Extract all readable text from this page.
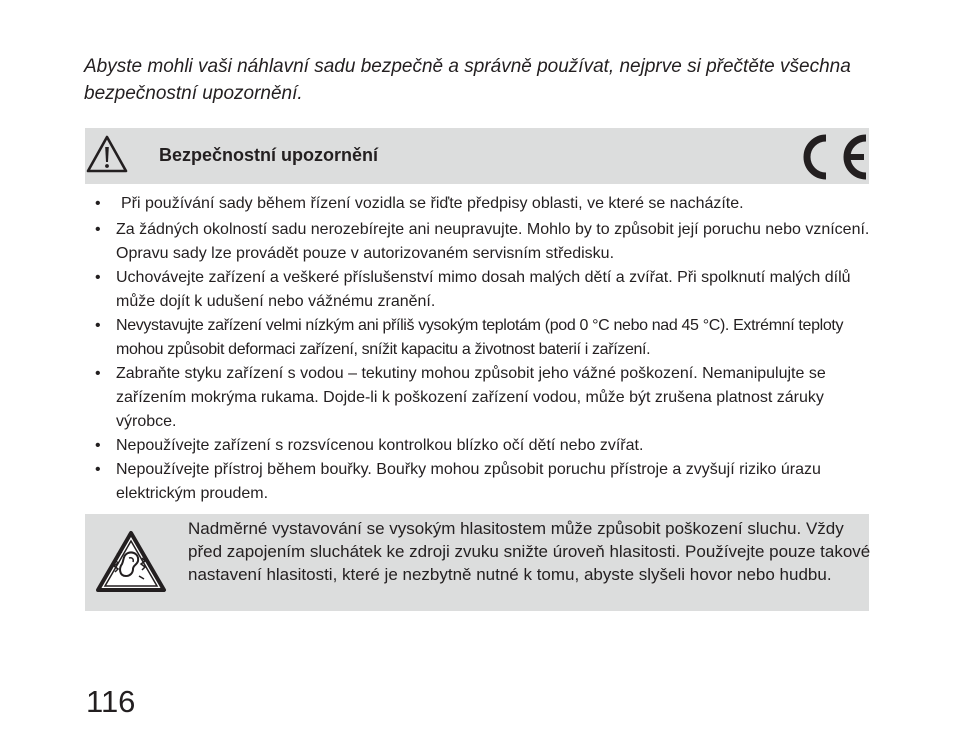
Abyste mohli vaši náhlavní sadu bezpečně a správně používat, nejprve si přečtěte všechna bezpečnostní upozornění.

Bezpečnostní upozornění
• Při používání sady během řízení vozidla se řiďte předpisy oblasti, ve které se nacházíte.
• Za žádných okolností sadu nerozebírejte ani neupravujte. Mohlo by to způsobit její poruchu nebo vznícení. Opravu sady lze provádět pouze v autorizovaném servisním středisku.
• Uchovávejte zařízení a veškeré příslušenství mimo dosah malých dětí a zvířat. Při spolknutí malých dílů může dojít k udušení nebo vážnému zranění.
• Nevystavujte zařízení velmi nízkým ani příliš vysokým teplotám (pod 0 °C nebo nad 45 °C). Extrémní teploty mohou způsobit deformaci zařízení, snížit kapacitu a životnost baterií i zařízení.
• Zabraňte styku zařízení s vodou – tekutiny mohou způsobit jeho vážné poškození. Nemanipulujte se zařízením mokrýma rukama. Dojde-li k poškození zařízení vodou, může být zrušena platnost záruky výrobce.
• Nepoužívejte zařízení s rozsvícenou kontrolkou blízko očí dětí nebo zvířat.
• Nepoužívejte přístroj během bouřky. Bouřky mohou způsobit poruchu přístroje a zvyšují riziko úrazu elektrickým proudem.

Nadměrné vystavování se vysokým hlasitostem může způsobit poškození sluchu. Vždy před zapojením sluchátek ke zdroji zvuku snižte úroveň hlasitosti. Používejte pouze takové nastavení hlasitosti, které je nezbytně nutné k tomu, abyste slyšeli hovor nebo hudbu.

116
